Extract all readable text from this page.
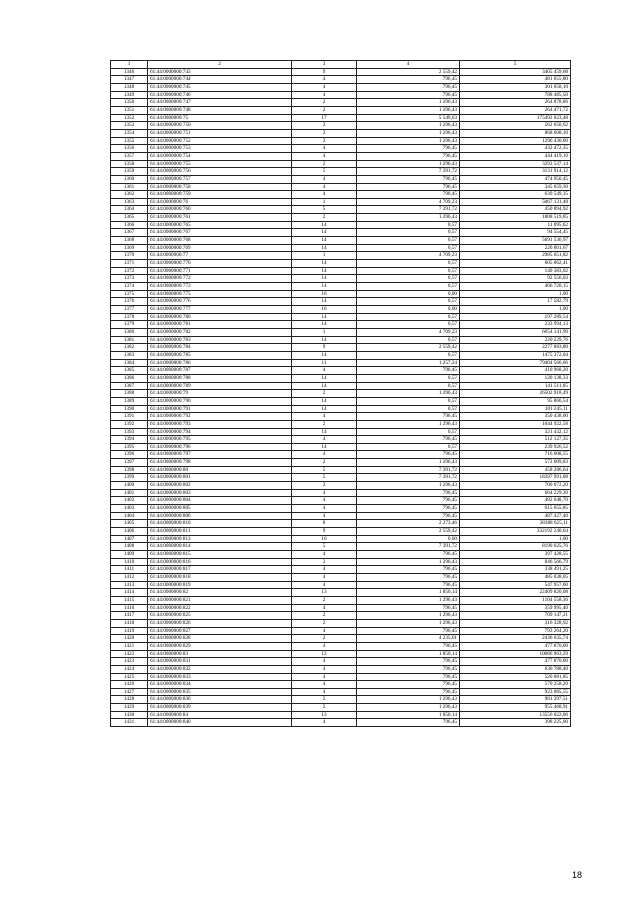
1	2	3	4	5
1346	61:44:0000000:743	9	2 559,42	3405 459,68
1347	61:44:0000000:744	4	796,45	481 055,80
1348	61:44:0000000:745	4	796,45	301 058,10
1349	61:44:0000000:746	4	796,45	788 485,50
1350	61:44:0000000:747	2	1 296,43	264 878,86
1351	61:44:0000000:748	2	1 296,43	264 471,72
1352	61:44:0000000:75	17	5 549,63	175492 023,48
1353	61:44:0000000:750	2	1 296,43	562 650,62
1354	61:44:0000000:751	2	1 296,43	868 608,10
1355	61:44:0000000:752	2	1 296,43	1296 430,00
1356	61:44:0000000:753	4	796,45	432 472,35
1357	61:44:0000000:754	4	796,45	444 419,10
1358	61:44:0000000:755	2	1 296,43	3293 537,14
1359	61:44:0000000:756	5	7 391,72	3131 914,12
1360	61:44:0000000:757	4	796,45	474 950,45
1361	61:44:0000000:758	4	796,45	345 659,30
1362	61:44:0000000:759	4	796,45	639 549,35
1363	61:44:0000000:76	1	4 709,23	5067 131,48
1364	61:44:0000000:760	5	7 391,72	450 894,92
1365	61:44:0000000:761	2	1 296,43	1808 519,85
1366	61:44:0000000:765	14	0,57	11 095,62
1367	61:44:0000000:767	14	0,57	94 554,45
1368	61:44:0000000:768	14	0,57	5691 536,97
1369	61:44:0000000:769	14	0,57	220 801,67
1370	61:44:0000000:77	1	4 709,23	2985 651,82
1371	61:44:0000000:770	14	0,57	605 062,41
1372	61:44:0000000:771	14	0,57	140 383,02
1373	61:44:0000000:772	14	0,57	92 556,03
1374	61:44:0000000:773	14	0,57	466 720,15
1375	61:44:0000000:775	16	0,00	1,00
1376	61:44:0000000:776	14	0,57	17 582,79
1377	61:44:0000000:777	16	0,00	1,00
1378	61:44:0000000:780	14	0,57	197 289,54
1379	61:44:0000000:781	14	0,57	233 994,13
1380	61:44:0000000:782	1	4 709,23	6654 141,99
1381	61:44:0000000:783	14	0,57	220 229,76
1382	61:44:0000000:784	9	2 559,42	2277 883,80
1383	61:44:0000000:785	14	0,57	1475 372,04
1384	61:44:0000000:786	11	1 257,24	79404 566,66
1385	61:44:0000000:787	4	796,45	410 968,20
1386	61:44:0000000:788	14	0,57	120 138,33
1387	61:44:0000000:789	14	0,57	141 511,05
1388	61:44:0000000:79	2	1 296,43	26502 918,49
1389	61:44:0000000:790	14	0,57	95 866,54
1390	61:44:0000000:791	14	0,57	101 245,11
1391	61:44:0000000:792	4	796,45	350 438,00
1392	61:44:0000000:793	2	1 296,43	1044 922,58
1393	61:44:0000000:794	14	0,57	321 432,12
1394	61:44:0000000:795	4	796,45	512 127,35
1395	61:44:0000000:796	14	0,57	239 926,52
1396	61:44:0000000:797	4	796,45	716 008,55
1397	61:44:0000000:798	2	1 296,43	572 009,83
1398	61:44:0000000:80	5	7 391,72	458 286,64
1399	61:44:0000000:801	5	7 391,72	18397 991,08
1400	61:44:0000000:802	2	1 296,43	700 072,20
1401	61:44:0000000:803	4	796,45	664 229,30
1402	61:44:0000000:804	4	796,45	482 648,70
1403	61:44:0000000:805	4	796,45	615 655,85
1404	61:44:0000000:806	4	796,45	487 427,40
1405	61:44:0000000:810	8	2 273,46	38388 625,11
1406	61:44:0000000:811	9	2 559,42	332192 240,64
1407	61:44:0000000:813	16	0,00	1,00
1408	61:44:0000000:814	5	7 391,72	8190 025,76
1409	61:44:0000000:815	4	796,45	397 428,55
1410	61:44:0000000:816	2	1 296,43	846 566,79
1411	61:44:0000000:817	4	796,45	338 491,25
1412	61:44:0000000:818	4	796,45	485 038,05
1413	61:44:0000000:819	4	796,45	547 957,60
1414	61:44:0000000:82	13	1 850,14	22409 820,08
1415	61:44:0000000:821	2	1 296,43	1104 558,36
1416	61:44:0000000:822	4	796,45	359 995,40
1417	61:44:0000000:825	2	1 296,43	709 147,21
1418	61:44:0000000:826	2	1 296,43	316 328,92
1419	61:44:0000000:827	4	796,45	793 264,20
1420	61:44:0000000:828	2	4 235,01	2436 635,74
1421	61:44:0000000:829	4	796,45	477 870,00
1422	61:44:0000000:83	13	1 850,14	10086 963,29
1423	61:44:0000000:831	4	796,45	477 870,00
1424	61:44:0000000:832	4	796,45	630 788,40
1425	61:44:0000000:833	4	796,45	520 081,85
1426	61:44:0000000:834	4	796,45	570 258,20
1427	61:44:0000000:835	4	796,45	923 085,55
1428	61:44:0000000:836	2	1 296,43	981 397,51
1429	61:44:0000000:839	2	1 296,43	955 468,91
1430	61:44:0000000:84	13	1 850,14	13556 022,06
1431	61:44:0000000:840	4	796,45	398 225,00
18
